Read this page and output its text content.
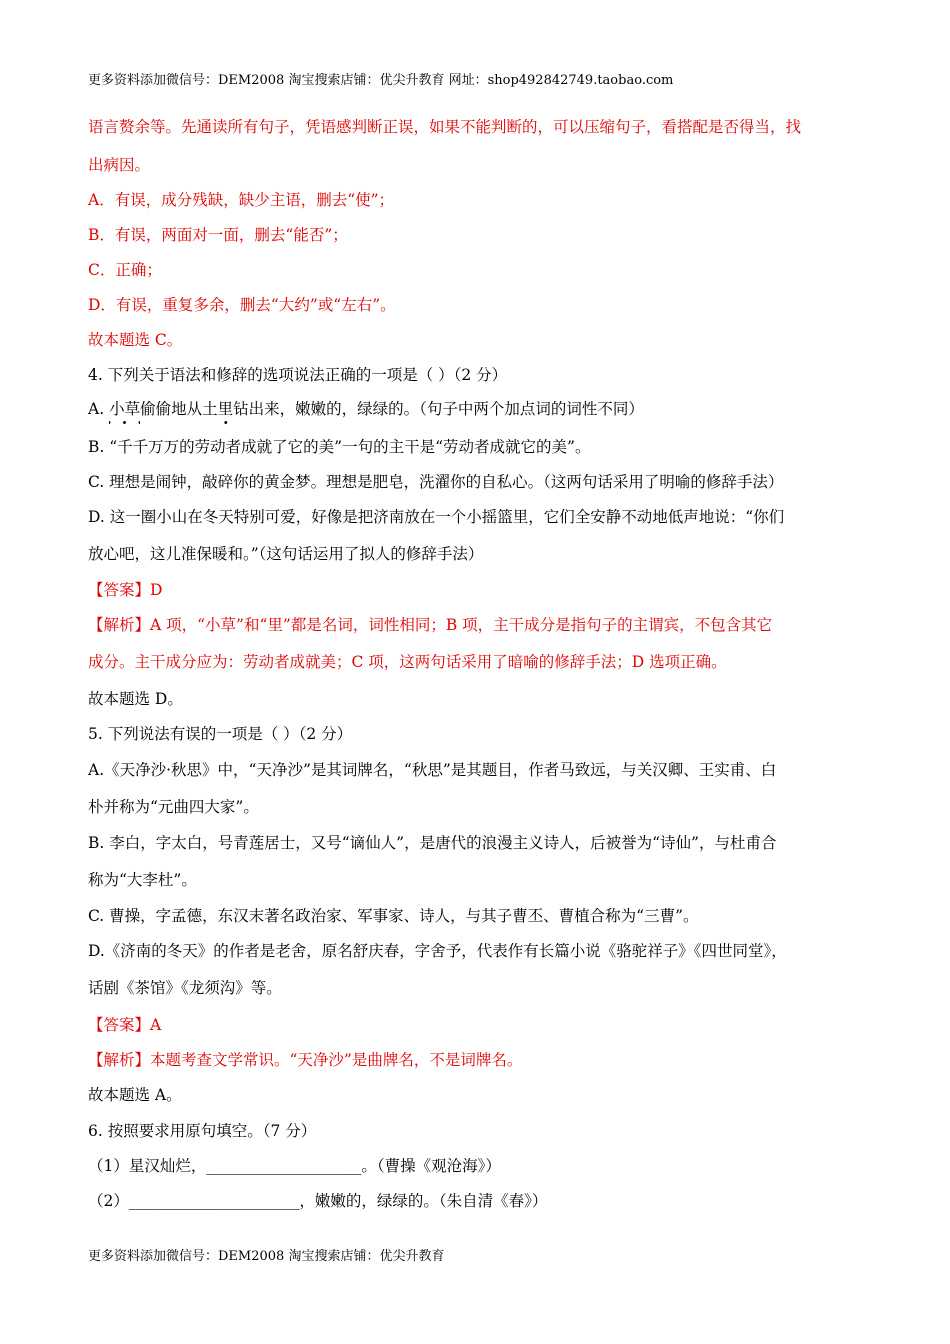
更多资料添加微信号：DEM2008 淘宝搜索店铺：优尖升教育 网址：shop492842749.taobao.com
语言赘余等。先通读所有句子，凭语感判断正误，如果不能判断的，可以压缩句子，看搭配是否得当，找
出病因。
A．有误，成分残缺，缺少主语，删去“使”；
B．有误，两面对一面，删去“能否”；
C．正确；
D．有误，重复多余，删去“大约”或“左右”。
故本题选 C。
4. 下列关于语法和修辞的选项说法正确的一项是（ ）（2 分）
A. 小草偷偷地从土里钻出来，嫩嫩的，绿绿的。（句子中两个加点词的词性不同）
B. “千千万万的劳动者成就了它的美”一句的主干是“劳动者成就它的美”。
C. 理想是闹钟，敲碎你的黄金梦。理想是肥皂，洗濯你的自私心。（这两句话采用了明喻的修辞手法）
D. 这一圈小山在冬天特别可爱，好像是把济南放在一个小摇篮里，它们全安静不动地低声地说：“你们
放心吧，这儿准保暖和。”（这句话运用了拟人的修辞手法）
【答案】D
【解析】A 项，“小草”和“里”都是名词，词性相同；B 项，主干成分是指句子的主谓宾，不包含其它
成分。主干成分应为：劳动者成就美；C 项，这两句话采用了暗喻的修辞手法；D 选项正确。
故本题选 D。
5. 下列说法有误的一项是（ ）（2 分）
A.《天净沙·秋思》中，“天净沙”是其词牌名，“秋思”是其题目，作者马致远，与关汉卿、王实甫、白
朴并称为“元曲四大家”。
B. 李白，字太白，号青莲居士，又号“谪仙人”，是唐代的浪漫主义诗人，后被誉为“诗仙”，与杜甫合
称为“大李杜”。
C. 曹操，字孟德，东汉末著名政治家、军事家、诗人，与其子曹丕、曹植合称为“三曹”。
D.《济南的冬天》的作者是老舍，原名舒庆春，字舍予，代表作有长篇小说《骆驼祥子》《四世同堂》，
话剧《茶馆》《龙须沟》等。
【答案】A
【解析】本题考查文学常识。“天净沙”是曲牌名，不是词牌名。
故本题选 A。
6. 按照要求用原句填空。（7 分）
（1）星汉灿烂，____________________。（曹操《观沧海》）
（2）______________________，嫩嫩的，绿绿的。（朱自清《春》）
更多资料添加微信号：DEM2008 淘宝搜索店铺：优尖升教育
